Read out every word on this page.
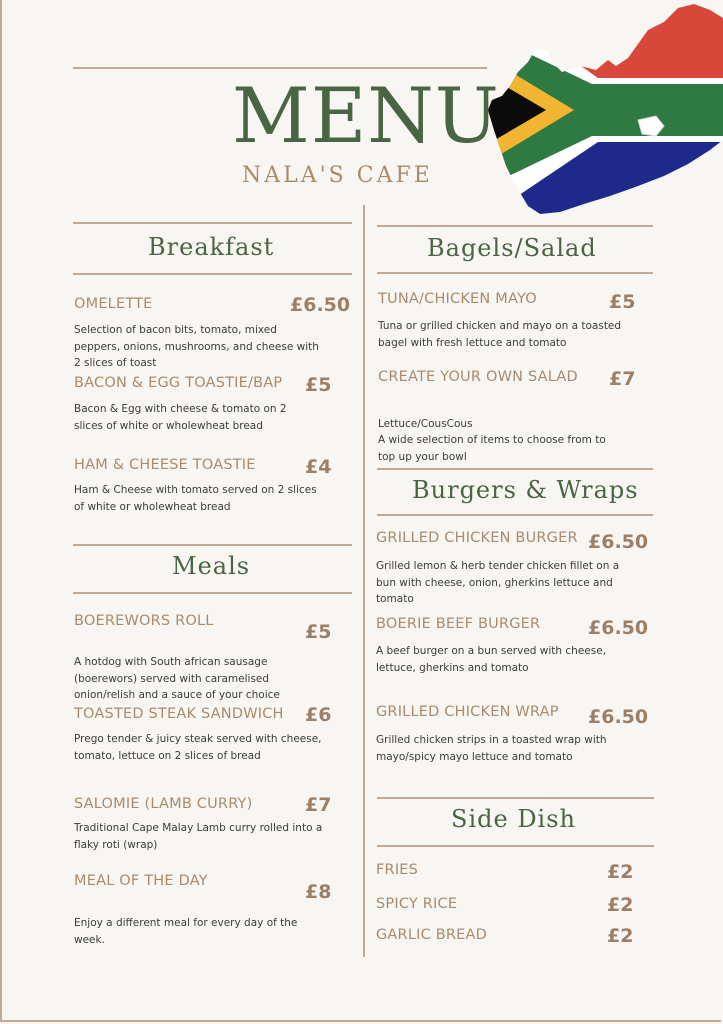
MENU
NALA'S CAFE
Breakfast
OMELETTE	£6.50
Selection of bacon bits, tomato, mixed peppers, onions, mushrooms, and cheese with 2 slices of toast
BACON & EGG TOASTIE/BAP £5
Bacon & Egg with cheese & tomato on 2 slices of white or wholewheat bread
HAM & CHEESE TOASTIE	£4
Ham & Cheese with tomato served on 2 slices of white or wholewheat bread
Meals
BOEREWORS ROLL	£5
A hotdog with South african sausage (boerewors) served with caramelised onion/relish and a sauce of your choice
TOASTED STEAK SANDWICH £6
Prego tender & juicy steak served with cheese, tomato, lettuce on 2 slices of bread
SALOMIE (LAMB CURRY)	£7
Traditional Cape Malay Lamb curry rolled into a flaky roti (wrap)
MEAL OF THE DAY	£8
Enjoy a different meal for every day of the week.
Bagels/Salad
TUNA/CHICKEN MAYO	£5
Tuna or grilled chicken and mayo on a toasted bagel with fresh lettuce and tomato
CREATE YOUR OWN SALAD £7
Lettuce/CousCous
A wide selection of items to choose from to top up your bowl
Burgers & Wraps
GRILLED CHICKEN BURGER £6.50
Grilled lemon & herb tender chicken fillet on a bun with cheese, onion, gherkins lettuce and tomato
BOERIE BEEF BURGER	£6.50
A beef burger on a bun served with cheese, lettuce, gherkins and tomato
GRILLED CHICKEN WRAP £6.50
Grilled chicken strips in a toasted wrap with mayo/spicy mayo lettuce and tomato
Side Dish
FRIES	£2
SPICY RICE	£2
GARLIC BREAD	£2
